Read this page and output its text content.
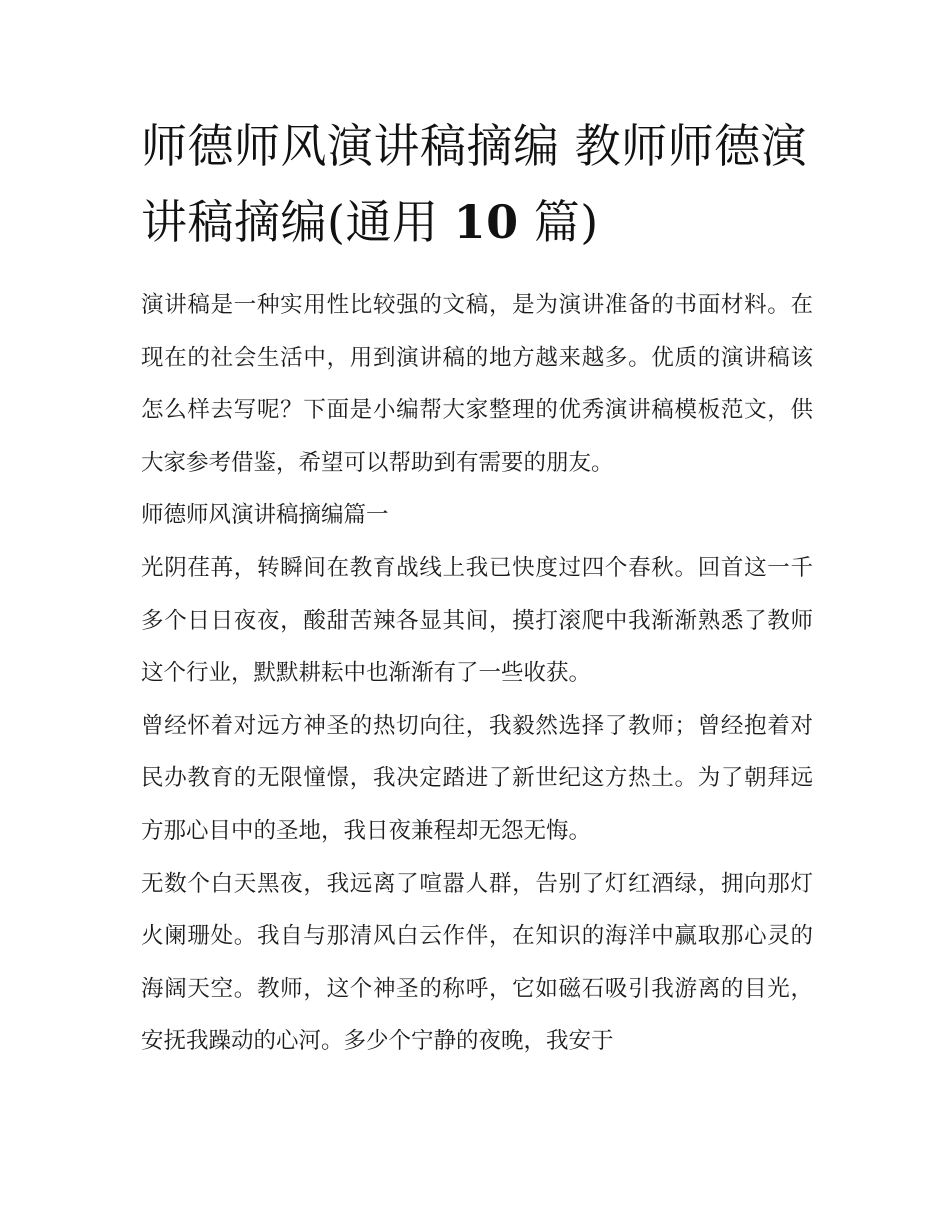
师德师风演讲稿摘编 教师师德演讲稿摘编(通用 10 篇)

演讲稿是一种实用性比较强的文稿，是为演讲准备的书面材料。在现在的社会生活中，用到演讲稿的地方越来越多。优质的演讲稿该怎么样去写呢？下面是小编帮大家整理的优秀演讲稿模板范文，供大家参考借鉴，希望可以帮助到有需要的朋友。

师德师风演讲稿摘编篇一

光阴荏苒，转瞬间在教育战线上我已快度过四个春秋。回首这一千多个日日夜夜，酸甜苦辣各显其间，摸打滚爬中我渐渐熟悉了教师这个行业，默默耕耘中也渐渐有了一些收获。

曾经怀着对远方神圣的热切向往，我毅然选择了教师；曾经抱着对民办教育的无限憧憬，我决定踏进了新世纪这方热土。为了朝拜远方那心目中的圣地，我日夜兼程却无怨无悔。

无数个白天黑夜，我远离了喧嚣人群，告别了灯红酒绿，拥向那灯火阑珊处。我自与那清风白云作伴，在知识的海洋中赢取那心灵的海阔天空。教师，这个神圣的称呼，它如磁石吸引我游离的目光，安抚我躁动的心河。多少个宁静的夜晚，我安于
